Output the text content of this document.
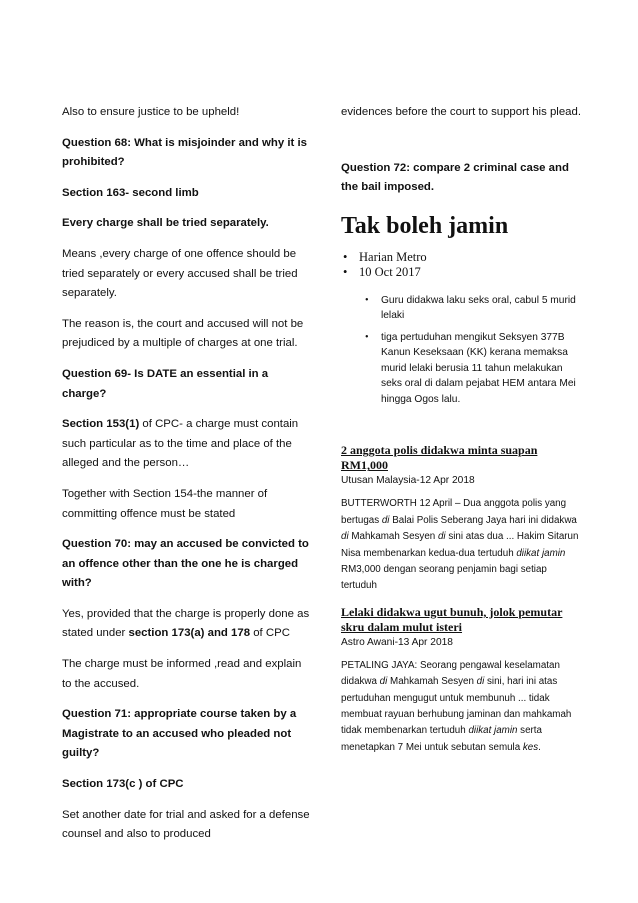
Also to ensure justice to be upheld!

Question 68: What is misjoinder and why it is prohibited?

Section 163- second limb

Every charge shall be tried separately.

Means ,every charge of one offence should be tried separately or every accused shall be tried separately.

The reason is, the court and accused will not be prejudiced by a multiple of charges at one trial.

Question 69- Is DATE an essential in a charge?

Section 153(1) of CPC- a charge must contain such particular as to the time and place of the alleged and the person…

Together with Section 154-the manner of committing offence must be stated

Question 70: may an accused be convicted to an offence other than the one he is charged with?

Yes, provided that the charge is properly done as stated under section 173(a) and 178 of CPC

The charge must be informed ,read and explain to the accused.

Question 71: appropriate course taken by a Magistrate to an accused who pleaded not guilty?

Section 173(c ) of CPC

Set another date for trial and asked for a defense counsel and also to produced

evidences before the court to support his plead.

Question 72: compare 2 criminal case and the bail imposed.

Tak boleh jamin
• Harian Metro
• 10 Oct 2017
• Guru didakwa laku seks oral, cabul 5 murid lelaki
• tiga pertuduhan mengikut Seksyen 377B Kanun Keseksaan (KK) kerana memaksa murid lelaki berusia 11 tahun melakukan seks oral di dalam pejabat HEM antara Mei hingga Ogos lalu.

2 anggota polis didakwa minta suapan RM1,000

Utusan Malaysia-12 Apr 2018

BUTTERWORTH 12 April – Dua anggota polis yang bertugas di Balai Polis Seberang Jaya hari ini didakwa di Mahkamah Sesyen di sini atas dua ... Hakim Sitarun Nisa membenarkan kedua-dua tertuduh diikat jamin RM3,000 dengan seorang penjamin bagi setiap tertuduh

Lelaki didakwa ugut bunuh, jolok pemutar skru dalam mulut isteri

Astro Awani-13 Apr 2018

PETALING JAYA: Seorang pengawal keselamatan didakwa di Mahkamah Sesyen di sini, hari ini atas pertuduhan mengugut untuk membunuh ... tidak membuat rayuan berhubung jaminan dan mahkamah tidak membenarkan tertuduh diikat jamin serta menetapkan 7 Mei untuk sebutan semula kes.
